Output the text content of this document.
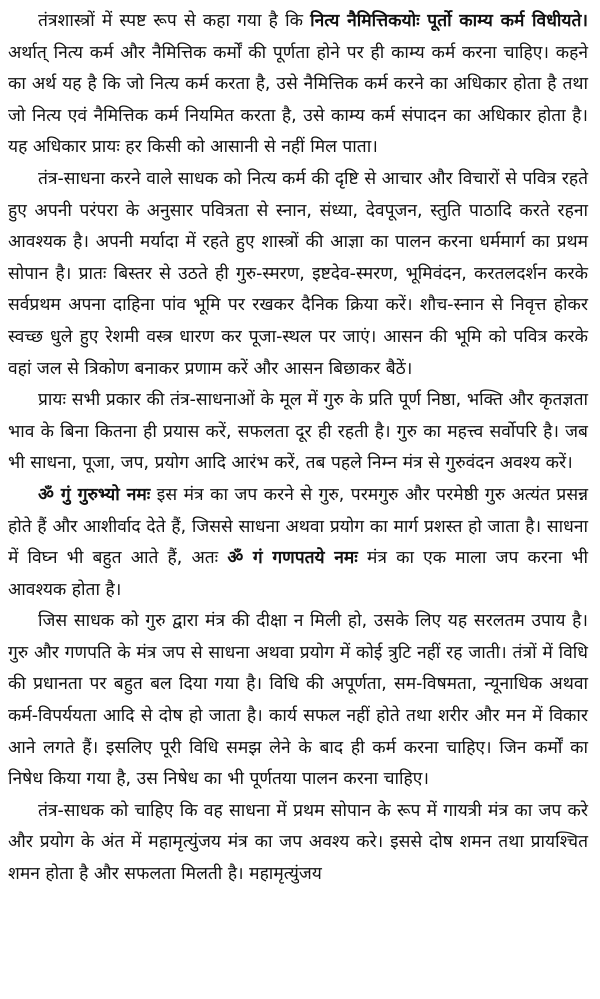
तंत्रशास्त्रों में स्पष्ट रूप से कहा गया है कि नित्य नैमित्तिकयोः पूर्तो काम्य कर्म विधीयते। अर्थात् नित्य कर्म और नैमित्तिक कर्मों की पूर्णता होने पर ही काम्य कर्म करना चाहिए। कहने का अर्थ यह है कि जो नित्य कर्म करता है, उसे नैमित्तिक कर्म करने का अधिकार होता है तथा जो नित्य एवं नैमित्तिक कर्म नियमित करता है, उसे काम्य कर्म संपादन का अधिकार होता है। यह अधिकार प्रायः हर किसी को आसानी से नहीं मिल पाता।

तंत्र-साधना करने वाले साधक को नित्य कर्म की दृष्टि से आचार और विचारों से पवित्र रहते हुए अपनी परंपरा के अनुसार पवित्रता से स्नान, संध्या, देवपूजन, स्तुति पाठादि करते रहना आवश्यक है। अपनी मर्यादा में रहते हुए शास्त्रों की आज्ञा का पालन करना धर्ममार्ग का प्रथम सोपान है। प्रातः बिस्तर से उठते ही गुरु-स्मरण, इष्टदेव-स्मरण, भूमिवंदन, करतलदर्शन करके सर्वप्रथम अपना दाहिना पांव भूमि पर रखकर दैनिक क्रिया करें। शौच-स्नान से निवृत्त होकर स्वच्छ धुले हुए रेशमी वस्त्र धारण कर पूजा-स्थल पर जाएं। आसन की भूमि को पवित्र करके वहां जल से त्रिकोण बनाकर प्रणाम करें और आसन बिछाकर बैठें।

प्रायः सभी प्रकार की तंत्र-साधनाओं के मूल में गुरु के प्रति पूर्ण निष्ठा, भक्ति और कृतज्ञता भाव के बिना कितना ही प्रयास करें, सफलता दूर ही रहती है। गुरु का महत्त्व सर्वोपरि है। जब भी साधना, पूजा, जप, प्रयोग आदि आरंभ करें, तब पहले निम्न मंत्र से गुरुवंदन अवश्य करें।

ॐ गुं गुरुभ्यो नमः इस मंत्र का जप करने से गुरु, परमगुरु और परमेष्ठी गुरु अत्यंत प्रसन्न होते हैं और आशीर्वाद देते हैं, जिससे साधना अथवा प्रयोग का मार्ग प्रशस्त हो जाता है। साधना में विघ्न भी बहुत आते हैं, अतः ॐ गं गणपतये नमः मंत्र का एक माला जप करना भी आवश्यक होता है।

जिस साधक को गुरु द्वारा मंत्र की दीक्षा न मिली हो, उसके लिए यह सरलतम उपाय है। गुरु और गणपति के मंत्र जप से साधना अथवा प्रयोग में कोई त्रुटि नहीं रह जाती। तंत्रों में विधि की प्रधानता पर बहुत बल दिया गया है। विधि की अपूर्णता, सम-विषमता, न्यूनाधिक अथवा कर्म-विपर्ययता आदि से दोष हो जाता है। कार्य सफल नहीं होते तथा शरीर और मन में विकार आने लगते हैं। इसलिए पूरी विधि समझ लेने के बाद ही कर्म करना चाहिए। जिन कर्मों का निषेध किया गया है, उस निषेध का भी पूर्णतया पालन करना चाहिए।

तंत्र-साधक को चाहिए कि वह साधना में प्रथम सोपान के रूप में गायत्री मंत्र का जप करे और प्रयोग के अंत में महामृत्युंजय मंत्र का जप अवश्य करे। इससे दोष शमन तथा प्रायश्चित शमन होता है और सफलता मिलती है। महामृत्युंजय
